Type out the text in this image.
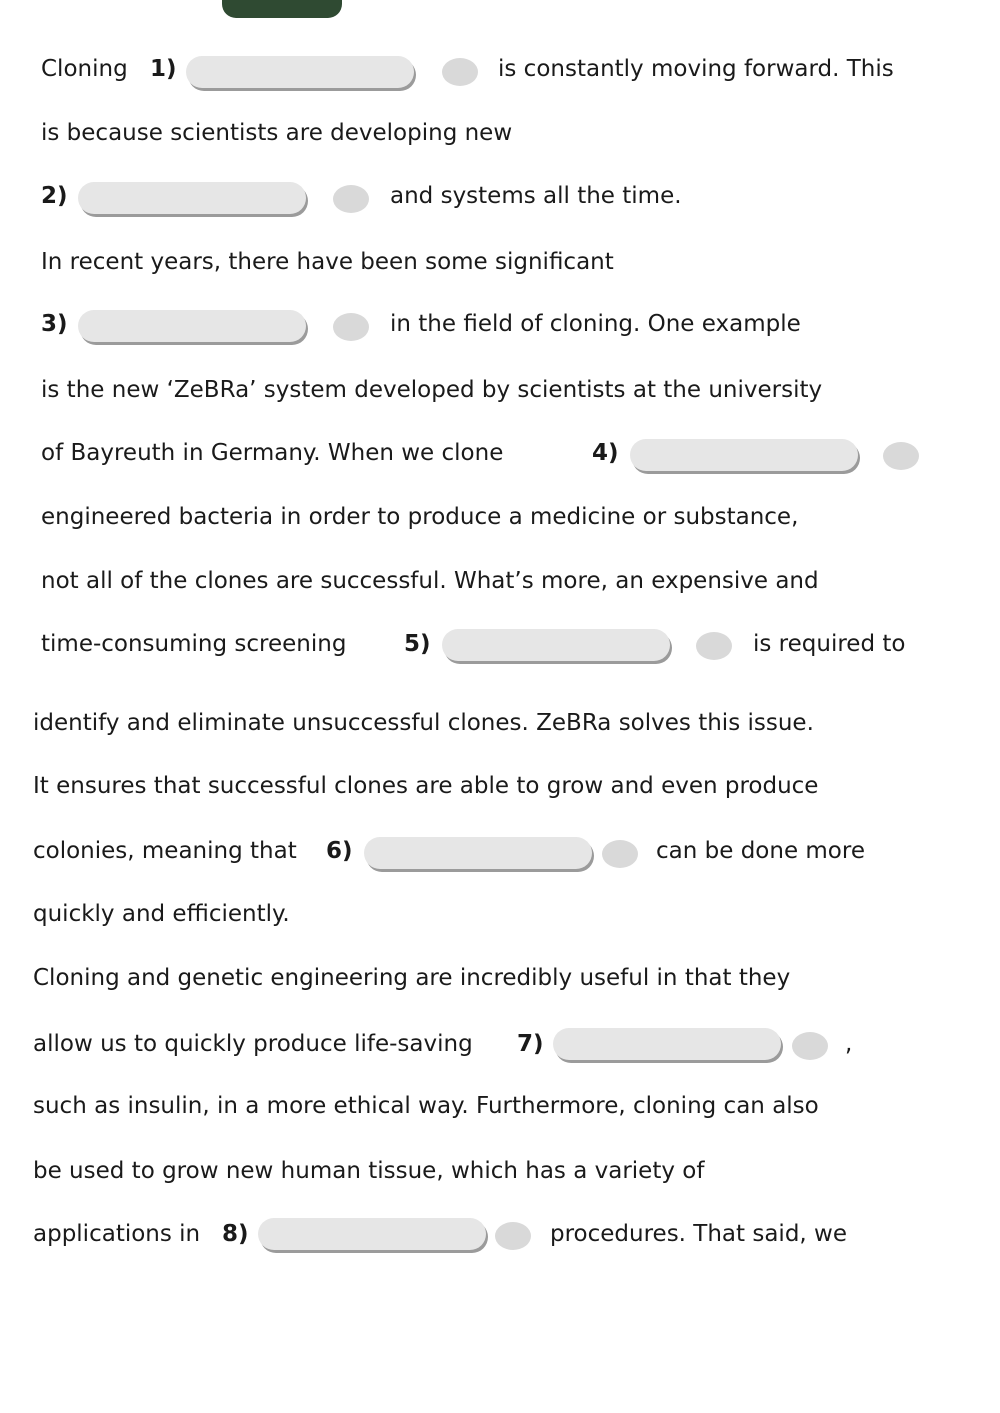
Cloning 1)	is constantly moving forward. This
is because scientists are developing new
2)	and systems all the time.
In recent years, there have been some significant
3)	in the field of cloning. One example
is the new ‘ZeBRa’ system developed by scientists at the university
of Bayreuth in Germany. When we clone	4)
engineered bacteria in order to produce a medicine or substance,
not all of the clones are successful. What’s more, an expensive and
time-consuming screening	5)	is required to
identify and eliminate unsuccessful clones. ZeBRa solves this issue.
It ensures that successful clones are able to grow and even produce
colonies, meaning that 6)	can be done more
quickly and efficiently.
Cloning and genetic engineering are incredibly useful in that they
allow us to quickly produce life-saving 7)	,
such as insulin, in a more ethical way. Furthermore, cloning can also
be used to grow new human tissue, which has a variety of
applications in 8)	procedures. That said, we
